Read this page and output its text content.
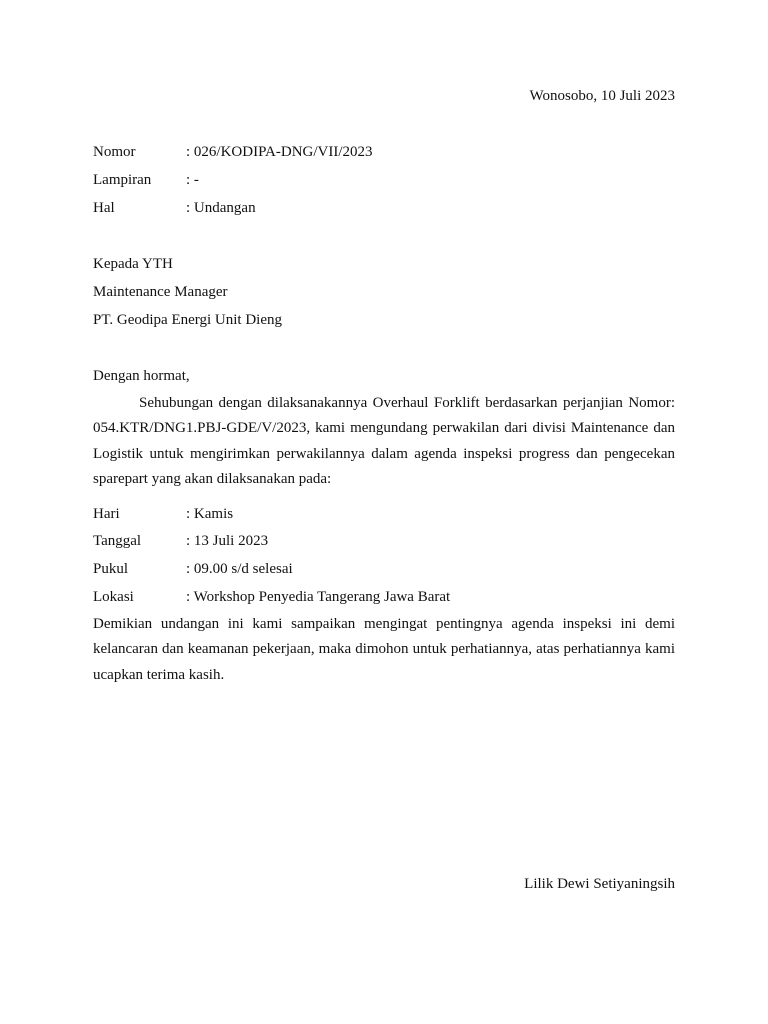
Wonosobo, 10 Juli 2023
Nomor	: 026/KODIPA-DNG/VII/2023
Lampiran : -
Hal	: Undangan
Kepada YTH
Maintenance Manager
PT. Geodipa Energi Unit Dieng
Dengan hormat,

Sehubungan dengan dilaksanakannya Overhaul Forklift berdasarkan perjanjian Nomor: 054.KTR/DNG1.PBJ-GDE/V/2023, kami mengundang perwakilan dari divisi Maintenance dan Logistik untuk mengirimkan perwakilannya dalam agenda inspeksi progress dan pengecekan sparepart yang akan dilaksanakan pada:

Hari	: Kamis
Tanggal	: 13 Juli 2023
Pukul	: 09.00 s/d selesai
Lokasi	: Workshop Penyedia Tangerang Jawa Barat

Demikian undangan ini kami sampaikan mengingat pentingnya agenda inspeksi ini demi kelancaran dan keamanan pekerjaan, maka dimohon untuk perhatiannya, atas perhatiannya kami ucapkan terima kasih.

Lilik Dewi Setiyaningsih
